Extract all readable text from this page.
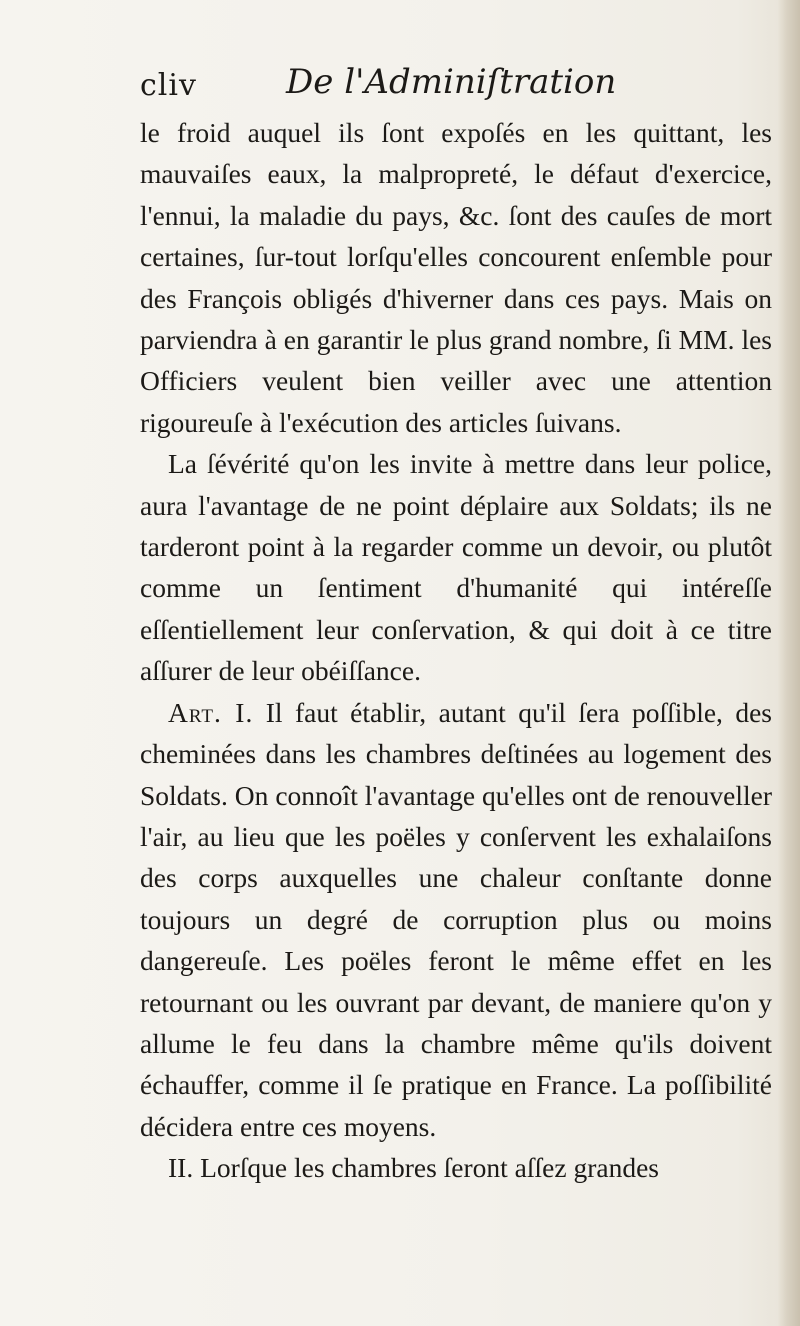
cliv	De l'Adminiſtration

le froid auquel ils ſont expoſés en les quittant, les mauvaiſes eaux, la malpropreté, le défaut d'exercice, l'ennui, la maladie du pays, &c. ſont des cauſes de mort certaines, ſur-tout lorſqu'elles concourent enſemble pour des François obligés d'hiverner dans ces pays. Mais on parviendra à en garantir le plus grand nombre, ſi MM. les Officiers veulent bien veiller avec une attention rigoureuſe à l'exécution des articles ſuivans.

La ſévérité qu'on les invite à mettre dans leur police, aura l'avantage de ne point déplaire aux Soldats; ils ne tarderont point à la regarder comme un devoir, ou plutôt comme un ſentiment d'humanité qui intéreſſe eſſentiellement leur conſervation, & qui doit à ce titre aſſurer de leur obéiſſance.

Art. I. Il faut établir, autant qu'il ſera poſſible, des cheminées dans les chambres deſtinées au logement des Soldats. On connoît l'avantage qu'elles ont de renouveller l'air, au lieu que les poëles y conſervent les exhalaiſons des corps auxquelles une chaleur conſtante donne toujours un degré de corruption plus ou moins dangereuſe. Les poëles feront le même effet en les retournant ou les ouvrant par devant, de maniere qu'on y allume le feu dans la chambre même qu'ils doivent échauffer, comme il ſe pratique en France. La poſſibilité décidera entre ces moyens.

II. Lorſque les chambres ſeront aſſez grandes
